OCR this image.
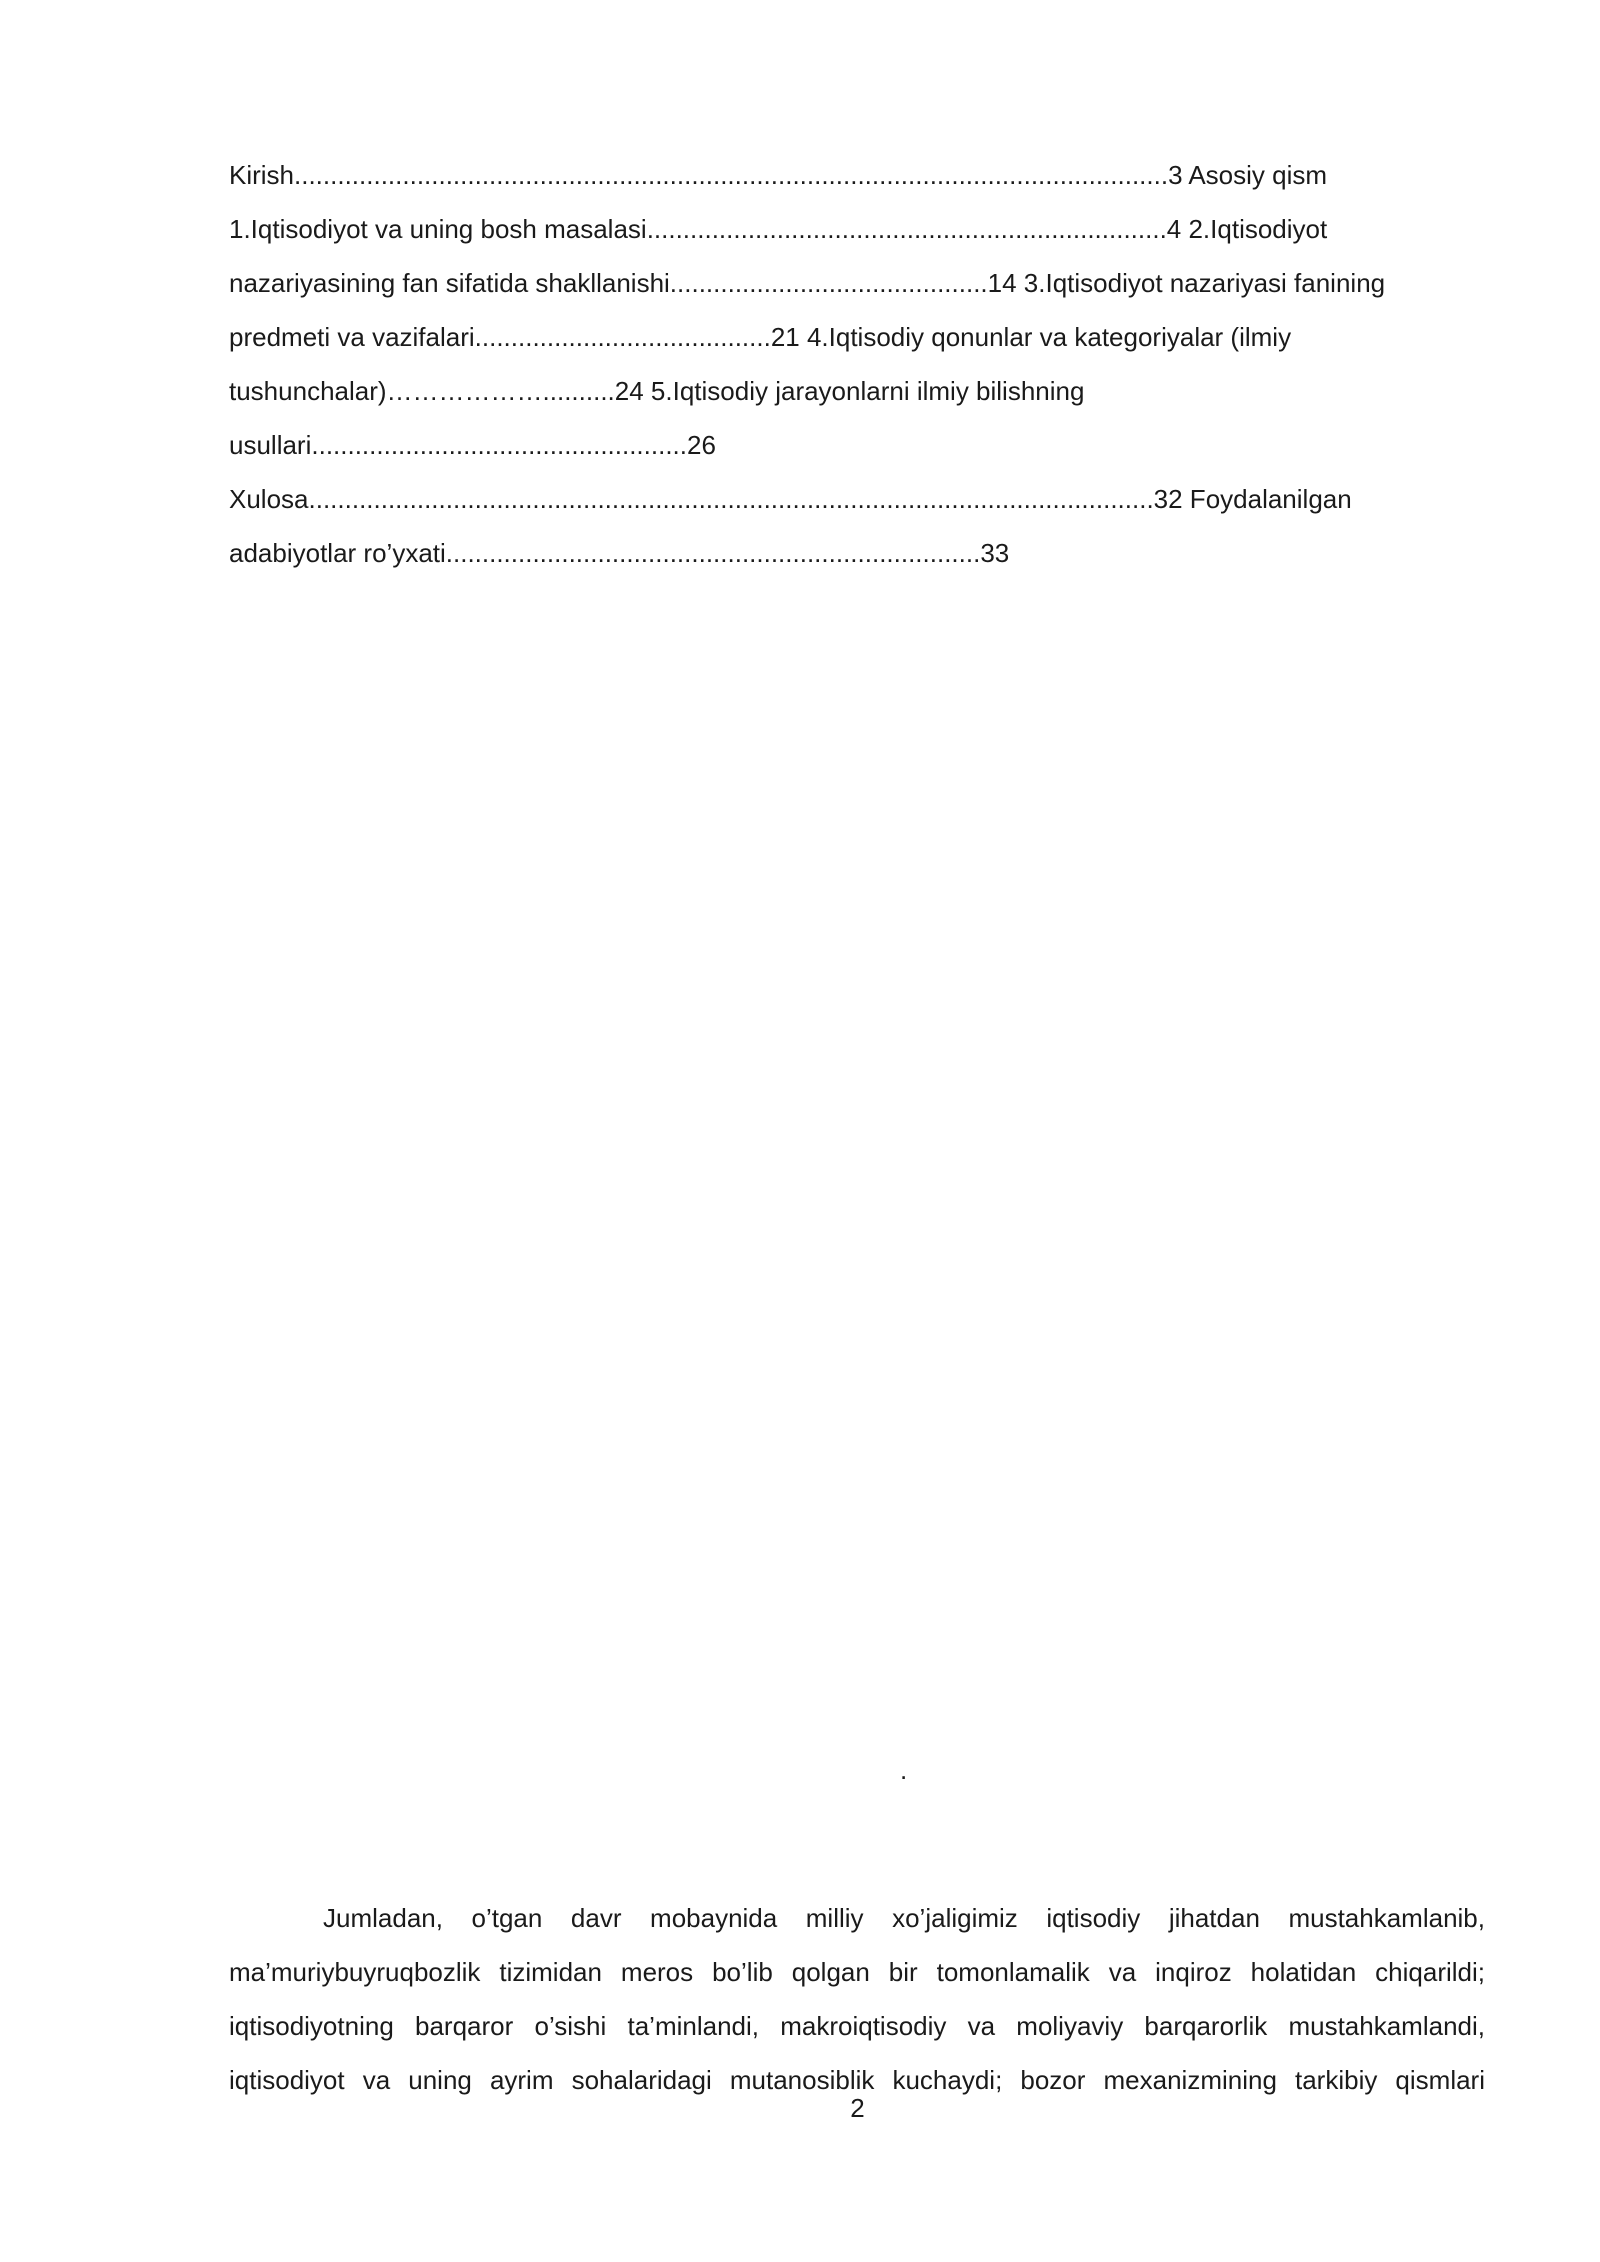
Kirish.........................................................................................................................3 Asosiy qism
1.Iqtisodiyot va uning bosh masalasi........................................................................4 2.Iqtisodiyot
nazariyasining fan sifatida shakllanishi............................................14 3.Iqtisodiyot nazariyasi fanining
predmeti va vazifalari.........................................21 4.Iqtisodiy qonunlar va kategoriyalar (ilmiy
tushunchalar)………………..........24 5.Iqtisodiy jarayonlarni ilmiy bilishning
usullari....................................................26
Xulosa.....................................................................................................................32 Foydalanilgan
adabiyotlar ro’yxati..........................................................................33
.

Jumladan, o’tgan davr mobaynida milliy xo’jaligimiz iqtisodiy jihatdan mustahkamlanib, ma’muriybuyruqbozlik tizimidan meros bo’lib qolgan bir tomonlamalik va inqiroz holatidan chiqarildi; iqtisodiyotning barqaror o’sishi ta’minlandi, makroiqtisodiy va moliyaviy barqarorlik mustahkamlandi, iqtisodiyot va uning ayrim sohalaridagi mutanosiblik kuchaydi; bozor mexanizmining tarkibiy qismlari

2
